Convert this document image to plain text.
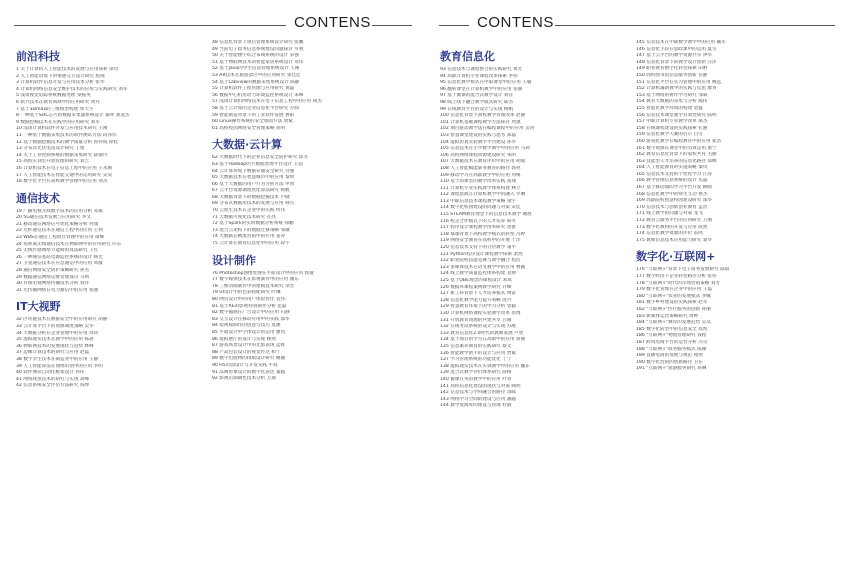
CONTENS	CONTENS
前沿科技
1 关于计算机人工智能技术的发展与应用探析 梁功
2 人工智能语境下的情感交互设计研究 程锦
3 计算机软件信息开发与应用技术分析 张华
4 计算机网络信息安全维护技术的应用与实践研究 刘军
5 浅谈视觉追踪系统数据处理 梁振英
6 新兴技术在教育领域中的应用研究 黄丹
7 基于3Dmax的三维模型构建 周大宇
8 一种基于SOC芯片的数据采集器系统设计 秦冲 刘道杰
9 数据挖掘技术在实践中的应用研究 刘军
10 浅谈计算机软件开发与应用技术研究 王刚
11 一种基于数据采集技术的软件测试方法 段泽伟
12 基于数据挖掘技术的教学质量分析 鲁伟成 徐桂
13 分布式光伏电站设计研究 丁建
14 关于工业控制系统的数据采集研究 薛敏玲
15 高校实训室开放管理的研究 刘吉
16 计算机技术在电子信息工程中的应用 王永刚
17 人工智能技术在智能交通中的运用研究 吴双
18 数字化平台在高校教学管理中的应用 刘杰
通信技术
19 广播电视无线数字技术的应用分析 邓斌
20 5G通信技术发展与应用研究 李文
21 移动通信网络信号优化策略分析 何康
22 光纤通信技术在通信工程中的应用 王利
23 WBS在通信工程项目管理中的应用 谭峰
24 短距离无线通信技术在物联网中的应用研究 许东
25 无线传感网络节能路由算法研究 王红
26 一种通信基站电源监控系统的设计 杨光
27 卫星通信技术在应急通信中的应用 周敏
28 通信网络安全防护策略研究 孙杰
29 数据通信网络运维管理探讨 马利
30 有线电视网络传输技术分析 刘洋
31 光传输网络在电力通信中的应用 张强
IT大视野
32 区块链技术在数据安全中的应用研究 胡静
33 云计算平台下的资源调度策略 吴华
34 大数据分析在企业管理中的应用 周涛
35 虚拟现实技术在教学中的应用 陈晨
36 物联网技术的发展现状与趋势 林峰
37 边缘计算技术的研究与应用 赵磊
38 数字孪生技术在制造业中的应用 王静
39 人工智能算法在图像识别中的应用 李明
40 软件测试自动化框架设计 孙伟
41 网络爬虫技术的研究与实现 高峰
42 信息系统安全评估方法研究 钱坤
48 信息化背景下项目管理系统设计研究 张鹏
49 当前电子政务信息系统建设问题探讨 罗燕
50 关于智能楼宇综合布线系统的设计 宋强
51 基于物联网技术的智能家居系统设计 邓伟
52 基于Java的学生信息管理系统设计 王刚
53 AR技术在旅游景区中的应用研究 张佳佳
54 基于Labview的数据采集系统设计 陈静
55 计算机软件工程管理与应用研究 黄磊
56 数据中心机房动力环境监控系统设计 朱峰
57 浅谈计算机网络技术在电子信息工程中的应用 胡杰
58 基于云计算的企业信息化平台研究 方圆
59 智能制造背景下的工业软件发展 曹阳
60 Linux操作系统的安全加固方法 唐斌
61 高校校园网络安全管理策略 蒋明
大数据·云计算
62 大数据时代下的企业信息安全防护研究 邱杰
63 基于Hadoop的大数据处理平台设计 王超
64 云计算环境下数据存储安全研究 付强
65 大数据技术在智慧城市中的应用 黎明
66 基于大数据的用户行为分析方法 申然
67 云平台资源调度优化算法研究 杨帆
68 大数据背景下的数据挖掘技术 卢晓
69 分布式数据库技术的发展与应用 韩雪
70 云原生技术在企业中的实践 何伟
71 大数据可视化技术研究 孔亮
72 基于Spark的实时数据分析系统 徐鹏
73 混合云架构下的数据迁移策略 邹敏
74 大数据在精准营销中的应用 姜涛
75 云计算在教育信息化中的应用 段宇
设计制作
76 Photoshop图像处理在平面设计中的应用 程敏
77 数字媒体技术在影视制作中的应用 潘东
78 三维动画制作中的建模技术研究 余杰
79 UI设计中的色彩搭配研究 叶琳
80 网页设计中的用户体验优化 袁伟
81 基于AE的影视特效制作分析 范磊
82 数字插画在广告设计中的应用 石静
83 交互设计在移动应用中的实践 邵华
84 短视频制作的创意与技巧 莫涵
85 平面设计中字体设计的运用 廖凯
86 虚拟展厅的设计与实现 顾然
87 游戏场景设计中的光影表现 孟辉
88 产品包装设计的视觉传达 柏宁
89 数字出版物的排版设计研究 鲍丽
90 H5页面设计与开发实践 牛晨
91 品牌形象设计的数字化表达 秦越
92 影视后期调色技术分析 万通
教育信息化
93 信息技术与课程整合的实践研究 黄芳
94 高职计算机专业课程改革探索 李伟
95 信息化教学模式在中职课堂中的应用 王敏
96 翻转课堂在计算机教学中的应用 张丽
97 基于微课的混合式教学设计 刘洋
98 线上线下融合教学模式研究 陈杰
99 在线教育平台的设计与实现 杨帆
100 信息化背景下高校教学管理改革 赵静
101 计算机基础课程教学方法探讨 周强
102 项目驱动教学法在编程课程中的应用 吴涛
103 智慧课堂建设的实践与思考 郑磊
104 虚拟仿真实验教学平台建设 孙华
105 信息技术在小学数学教学中的应用 马莉
106 高校网络课程资源建设研究 朱明
107 大数据技术在教育评价中的应用 胡斌
108 人工智能赋能职业教育的路径 郭亮
109 移动学习在高职教学中的应用 何梅
110 基于雨课堂的教学改革实践 高翔
111 计算机专业实践教学体系构建 林立
112 课程思政在计算机教学中的融入 罗琳
113 中职信息技术课程教学策略 梁宇
114 数字化校园建设的问题与对策 宋佳
115 STEAM教育理念下的信息技术教学 谢晨
116 校企合作模式下的人才培养 韩冬
117 程序设计课程教学改革研究 唐蕾
118 慕课背景下高校教学模式的转变 冯婷
119 网络安全教育在高校中的开展 于洋
120 信息技术支持下的分层教学 董平
121 Python程序设计课程教学探索 萧然
122 职业院校技能竞赛与教学融合 程浩
123 多媒体技术在语文教学中的应用 曹颖
124 线上教学质量监控体系构建 袁帅
125 基于OBE理念的课程设计 邓琪
126 数据库课程案例教学研究 许峰
127 新工科背景下人才培养模式 傅雷
128 信息化教学能力提升策略 沈丹
129 智慧教育环境下的学习分析 曾毅
130 计算机网络课程实验教学改革 彭博
131 开放教育资源的共建共享 吕晴
132 在线考试系统的设计与实现 苏航
133 教育信息化2.0时代的教师发展 卢欣
134 基于项目的学习在高职中的应用 蒋丽
135 信息素养教育的实践研究 蔡文
136 智能教学助手的设计与应用 贾斌
137 学习管理系统的功能优化 丁宁
138 虚拟现实技术在实训教学中的应用 魏东
139 混合式教学评价体系研究 薛梅
140 微课在英语教学中的应用 叶青
141 高校信息化建设的现状与对策 阎明
142 信息技术与学科融合的路径 余晖
143 网络学习空间的建设与应用 潘越
144 教学资源库的建设与管理 杜鹃
145 信息技术在中职数学教学中的应用 戴军
146 信息化手段在思政课中的运用 夏雪
147 基于云平台的教学资源共享 钟华
148 信息化背景下的教学设计创新 汪洋
149 职业教育数字化转型探索 田野
150 高校图书馆信息服务创新 任静
151 信息化平台在实习管理中的应用 姚远
152 计算机辅助教学的实践与反思 廖青
153 基于网络的协作学习研究 邹斌
154 教育大数据的采集与分析 熊伟
155 智能化教学环境的构建 金鑫
156 信息技术课堂教学有效性研究 陆明
157 中职计算机专业教学改革 郝杰
158 在线课程建设的实践探索 孔丽
159 信息化教学大赛的启示 白雪
160 游戏化教学在编程教育中的应用 崔浩
161 数字资源在课堂中的有效运用 康宁
162 教育信息化背景下的家校共育 毛丽
163 技能型人才培养的信息化路径 邱峰
164 人工智能教育的实施策略 秦岚
165 信息技术支持的个性化学习 江涛
166 教学管理信息系统的设计 史磊
167 基于移动端的学习平台开发 顾晴
168 信息化教学中的师生互动 侯杰
169 高职院校智慧校园建设研究 邵华
170 信息技术与创新创业教育 孟浩
171 线上教学的问题与对策 龙飞
172 教育云服务平台的应用研究 万丽
173 数字化教材的开发与应用 段然
174 信息化教学资源的评价 雷鸣
175 教师信息技术应用能力研究 黎华
数字化·互联网+
176 "互联网+"背景下电子商务发展研究 陈晨
177 数字经济下企业转型路径分析 张伟
178 "互联网+"时代的市场营销策略 刘芳
179 数字化管理在企业中的应用 王磊
180 "互联网+"农业的发展模式 李娜
181 数字乡村建设的实践探索 赵军
182 "互联网+"医疗服务的创新 孙丽
183 新媒体运营策略研究 周婷
184 "互联网+"教育的发展趋势 吴昊
185 数字化转型中的信息安全 郑凯
186 "互联网+"物流管理研究 钱程
187 跨境电商平台的运营分析 冯雪
188 "互联网+"政务服务模式 陈刚
189 直播电商的发展与规范 褚然
190 数字化营销的创新路径 卫东
191 "互联网+"旅游服务研究 蒋琳
